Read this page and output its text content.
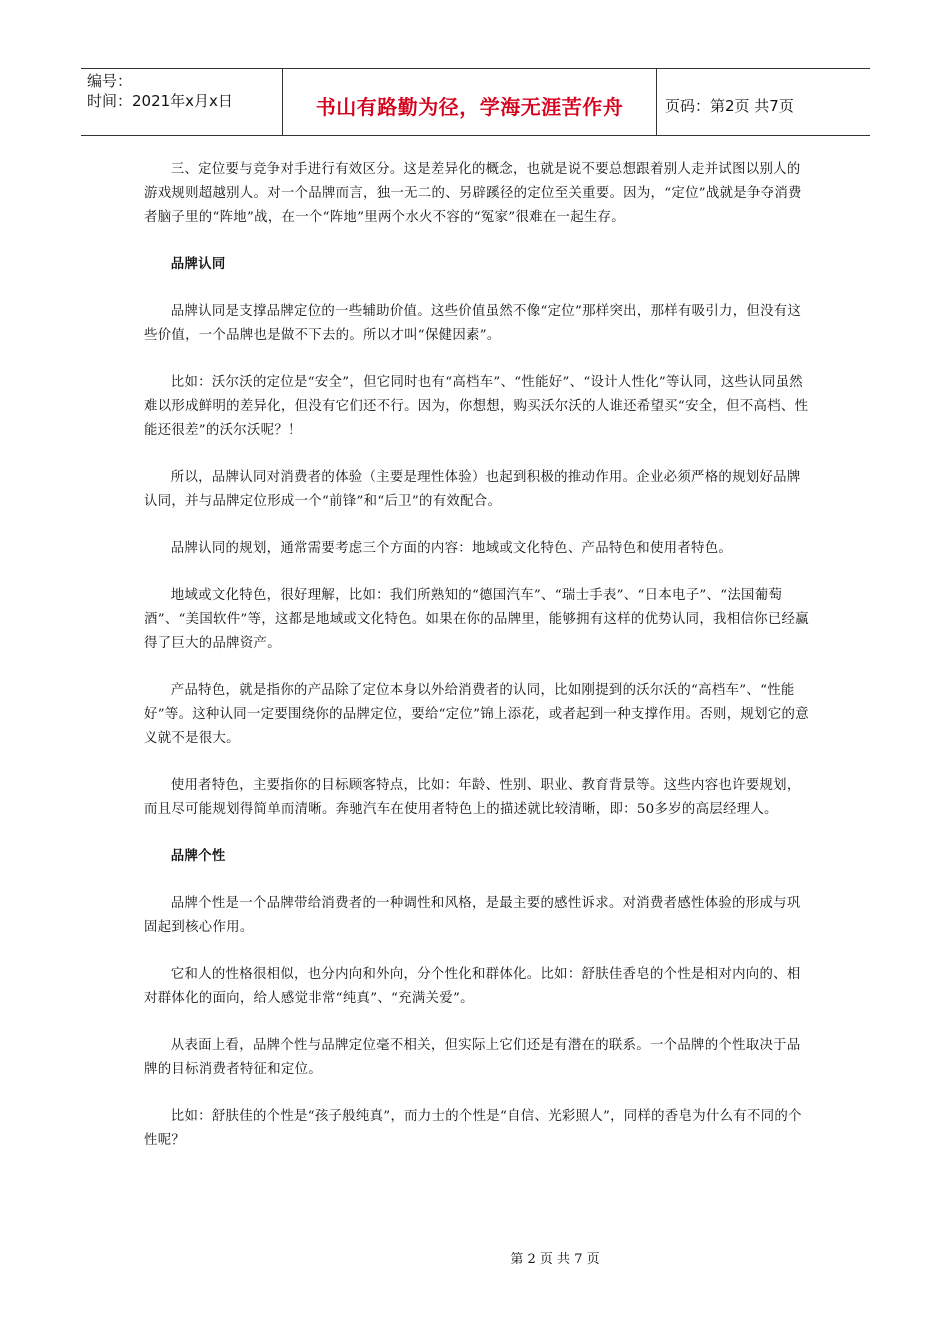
编号：
时间：2021年x月x日	书山有路勤为径，学海无涯苦作舟	页码：第2页 共7页

三、定位要与竞争对手进行有效区分。这是差异化的概念，也就是说不要总想跟着别人走并试图以别人的游戏规则超越别人。对一个品牌而言，独一无二的、另辟蹊径的定位至关重要。因为，“定位”战就是争夺消费者脑子里的“阵地”战，在一个“阵地”里两个水火不容的“冤家”很难在一起生存。

品牌认同

品牌认同是支撑品牌定位的一些辅助价值。这些价值虽然不像“定位”那样突出，那样有吸引力，但没有这些价值，一个品牌也是做不下去的。所以才叫“保健因素”。

比如：沃尔沃的定位是“安全”，但它同时也有“高档车”、“性能好”、“设计人性化”等认同，这些认同虽然难以形成鲜明的差异化，但没有它们还不行。因为，你想想，购买沃尔沃的人谁还希望买“安全，但不高档、性能还很差”的沃尔沃呢？！

所以，品牌认同对消费者的体验（主要是理性体验）也起到积极的推动作用。企业必须严格的规划好品牌认同，并与品牌定位形成一个“前锋”和“后卫”的有效配合。

品牌认同的规划，通常需要考虑三个方面的内容：地域或文化特色、产品特色和使用者特色。

地域或文化特色，很好理解，比如：我们所熟知的“德国汽车”、“瑞士手表”、“日本电子”、“法国葡萄酒”、“美国软件”等，这都是地域或文化特色。如果在你的品牌里，能够拥有这样的优势认同，我相信你已经赢得了巨大的品牌资产。

产品特色，就是指你的产品除了定位本身以外给消费者的认同，比如刚提到的沃尔沃的“高档车”、“性能好”等。这种认同一定要围绕你的品牌定位，要给“定位”锦上添花，或者起到一种支撑作用。否则，规划它的意义就不是很大。

使用者特色，主要指你的目标顾客特点，比如：年龄、性别、职业、教育背景等。这些内容也许要规划，而且尽可能规划得简单而清晰。奔驰汽车在使用者特色上的描述就比较清晰，即：50多岁的高层经理人。

品牌个性

品牌个性是一个品牌带给消费者的一种调性和风格，是最主要的感性诉求。对消费者感性体验的形成与巩固起到核心作用。

它和人的性格很相似，也分内向和外向，分个性化和群体化。比如：舒肤佳香皂的个性是相对内向的、相对群体化的面向，给人感觉非常“纯真”、“充满关爱”。

从表面上看，品牌个性与品牌定位毫不相关，但实际上它们还是有潜在的联系。一个品牌的个性取决于品牌的目标消费者特征和定位。

比如：舒肤佳的个性是“孩子般纯真”，而力士的个性是“自信、光彩照人”，同样的香皂为什么有不同的个性呢？

第 2 页 共 7 页
